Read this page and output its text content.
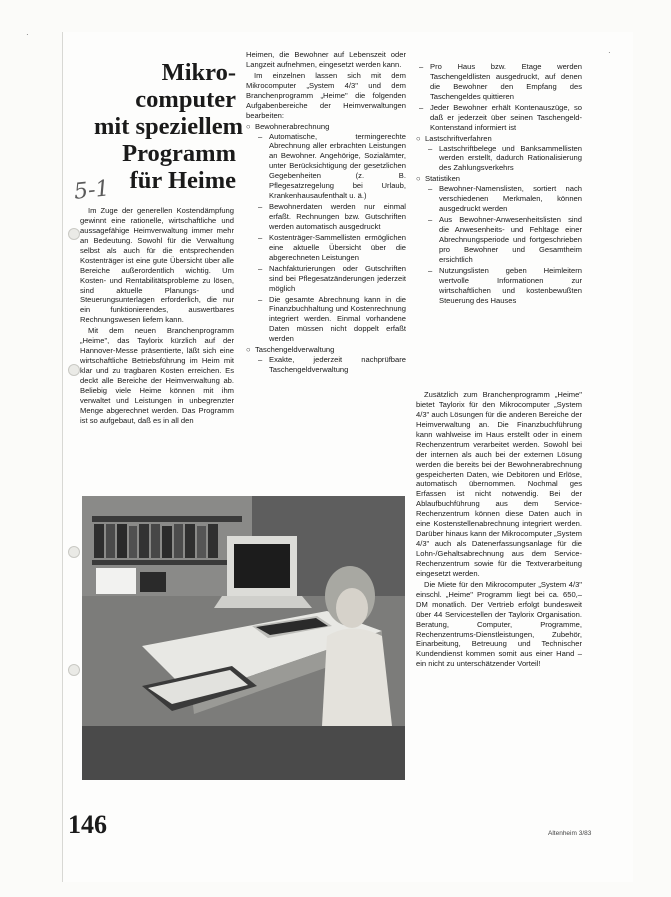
·
·
Mikro-
computer
mit speziellem
Programm
für Heime
5-1

Im Zuge der generellen Kostendämpfung gewinnt eine rationelle, wirtschaftliche und aussagefähige Heimverwaltung immer mehr an Bedeutung. Sowohl für die Verwaltung selbst als auch für die entsprechenden Kostenträger ist eine gute Übersicht über alle Bereiche außerordentlich wichtig. Um Kosten- und Rentabilitätsprobleme zu lösen, sind aktuelle Planungs- und Steuerungsunterlagen erforderlich, die nur ein funktionierendes, auswertbares Rechnungswesen liefern kann.

Mit dem neuen Branchenprogramm „Heime", das Taylorix kürzlich auf der Hannover-Messe präsentierte, läßt sich eine wirtschaftliche Betriebsführung im Heim mit klar und zu tragbaren Kosten erreichen. Es deckt alle Bereiche der Heimverwaltung ab. Beliebig viele Heime können mit ihm verwaltet und Leistungen in unbegrenzter Menge abgerechnet werden. Das Programm ist so aufgebaut, daß es in all den

Heimen, die Bewohner auf Lebenszeit oder Langzeit aufnehmen, eingesetzt werden kann.

Im einzelnen lassen sich mit dem Mikrocomputer „System 4/3" und dem Branchenprogramm „Heime" die folgenden Aufgabenbereiche der Heimverwaltungen bearbeiten:

○ Bewohnerabrechnung
– Automatische, termingerechte Abrechnung aller erbrachten Leistungen an Bewohner. Angehörige, Sozialämter, unter Berücksichtigung der gesetzlichen Gegebenheiten (z. B. Pflegesatzregelung bei Urlaub, Krankenhausaufenthalt u. ä.)
– Bewohnerdaten werden nur einmal erfaßt. Rechnungen bzw. Gutschriften werden automatisch ausgedruckt
– Kostenträger-Sammellisten ermöglichen eine aktuelle Übersicht über die abgerechneten Leistungen
– Nachfakturierungen oder Gutschriften sind bei Pflegesatzänderungen jederzeit möglich
– Die gesamte Abrechnung kann in die Finanzbuchhaltung und Kostenrechnung integriert werden. Einmal vorhandene Daten müssen nicht doppelt erfaßt werden
○ Taschengeldverwaltung
– Exakte, jederzeit nachprüfbare Taschengeldverwaltung
– Pro Haus bzw. Etage werden Taschengeldlisten ausgedruckt, auf denen die Bewohner den Empfang des Taschengeldes quittieren
– Jeder Bewohner erhält Kontenauszüge, so daß er jederzeit über seinen Taschengeld-Kontenstand informiert ist
○ Lastschriftverfahren
– Lastschriftbelege und Banksammellisten werden erstellt, dadurch Rationalisierung des Zahlungsverkehrs
○ Statistiken
– Bewohner-Namenslisten, sortiert nach verschiedenen Merkmalen, können ausgedruckt werden
– Aus Bewohner-Anwesenheitslisten sind die Anwesenheits- und Fehltage einer Abrechnungsperiode und fortgeschrieben pro Bewohner und Gesamtheim ersichtlich
– Nutzungslisten geben Heimleitern wertvolle Informationen zur wirtschaftlichen und kostenbewußten Steuerung des Hauses

Zusätzlich zum Branchenprogramm „Heime" bietet Taylorix für den Mikrocomputer „System 4/3" auch Lösungen für die anderen Bereiche der Heimverwaltung an. Die Finanzbuchführung kann wahlweise im Haus erstellt oder in einem Rechenzentrum verarbeitet werden. Sowohl bei der internen als auch bei der externen Lösung werden die bereits bei der Bewohnerabrechnung gespeicherten Daten, wie Debitoren und Erlöse, automatisch übernommen. Nochmal ges Erfassen ist nicht notwendig. Bei der Ablaufbuchführung aus dem Service-Rechenzentrum können diese Daten auch in eine Kostenstellenabrechnung integriert werden. Darüber hinaus kann der Mikrocomputer „System 4/3" auch als Datenerfassungsanlage für die Lohn-/Gehaltsabrechnung aus dem Service-Rechenzentrum sowie für die Textverarbeitung eingesetzt werden.

Die Miete für den Mikrocomputer „System 4/3" einschl. „Heime" Programm liegt bei ca. 650,– DM monatlich. Der Vertrieb erfolgt bundesweit über 44 Servicestellen der Taylorix Organisation. Beratung, Computer, Programme, Rechenzentrums-Dienstleistungen, Zubehör, Einarbeitung, Betreuung und Technischer Kundendienst kommen somit aus einer Hand – ein nicht zu unterschätzender Vorteil!

146	Altenheim 3/83
